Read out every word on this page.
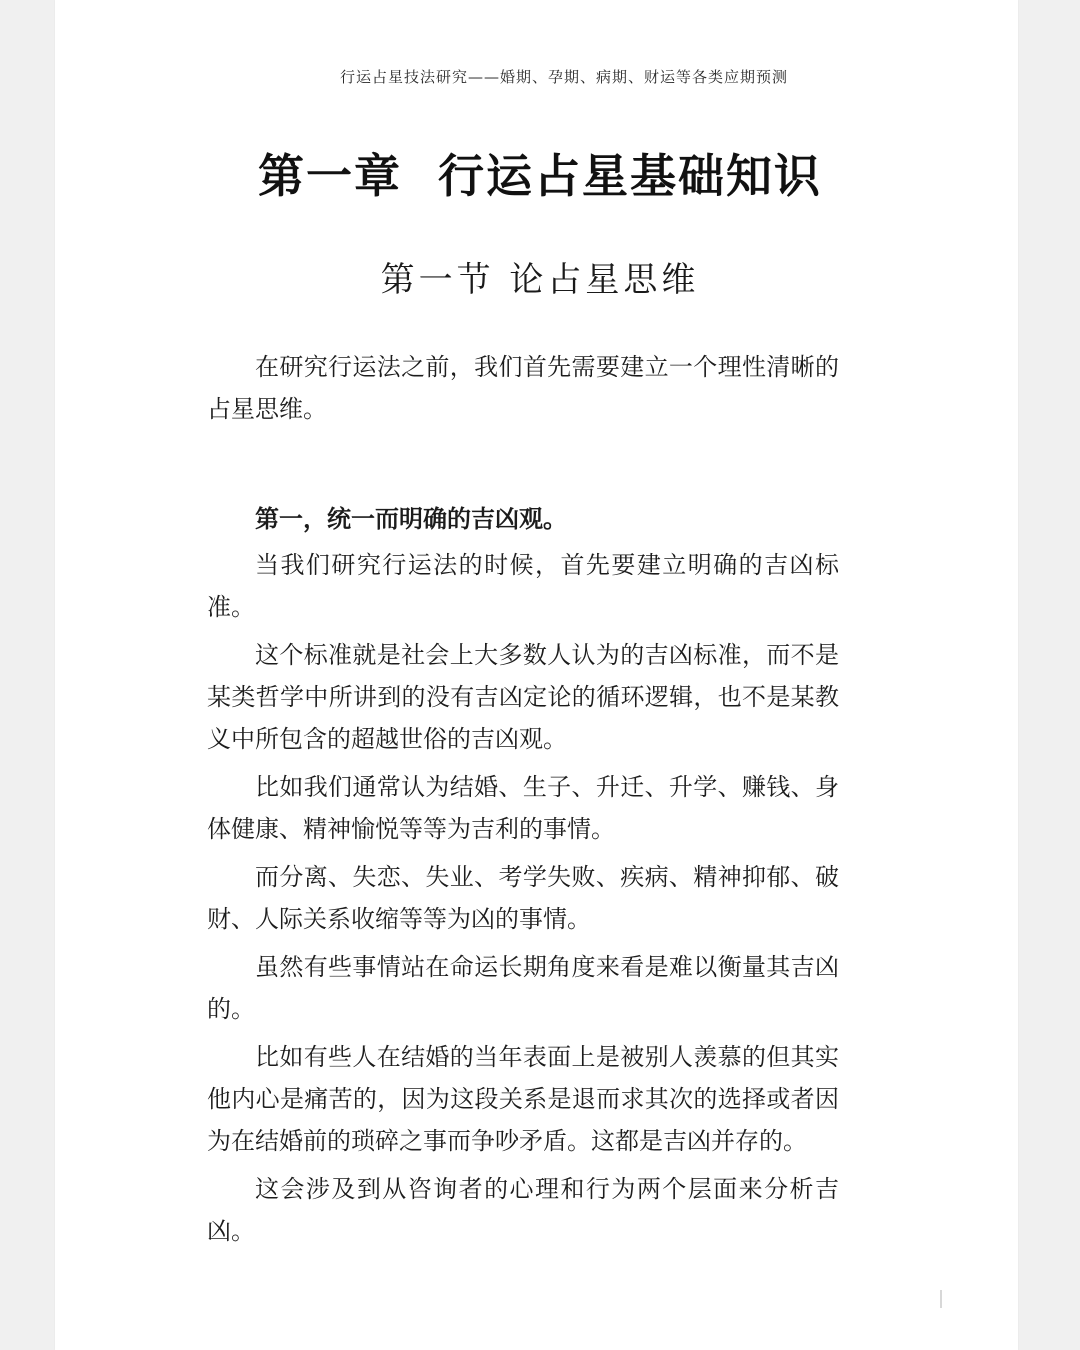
行运占星技法研究——婚期、孕期、病期、财运等各类应期预测
第一章  行运占星基础知识
第一节 论占星思维

在研究行运法之前，我们首先需要建立一个理性清晰的占星思维。

第一，统一而明确的吉凶观。

当我们研究行运法的时候，首先要建立明确的吉凶标准。

这个标准就是社会上大多数人认为的吉凶标准，而不是某类哲学中所讲到的没有吉凶定论的循环逻辑，也不是某教义中所包含的超越世俗的吉凶观。

比如我们通常认为结婚、生子、升迁、升学、赚钱、身体健康、精神愉悦等等为吉利的事情。

而分离、失恋、失业、考学失败、疾病、精神抑郁、破财、人际关系收缩等等为凶的事情。

虽然有些事情站在命运长期角度来看是难以衡量其吉凶的。

比如有些人在结婚的当年表面上是被别人羡慕的但其实他内心是痛苦的，因为这段关系是退而求其次的选择或者因为在结婚前的琐碎之事而争吵矛盾。这都是吉凶并存的。

这会涉及到从咨询者的心理和行为两个层面来分析吉凶。
